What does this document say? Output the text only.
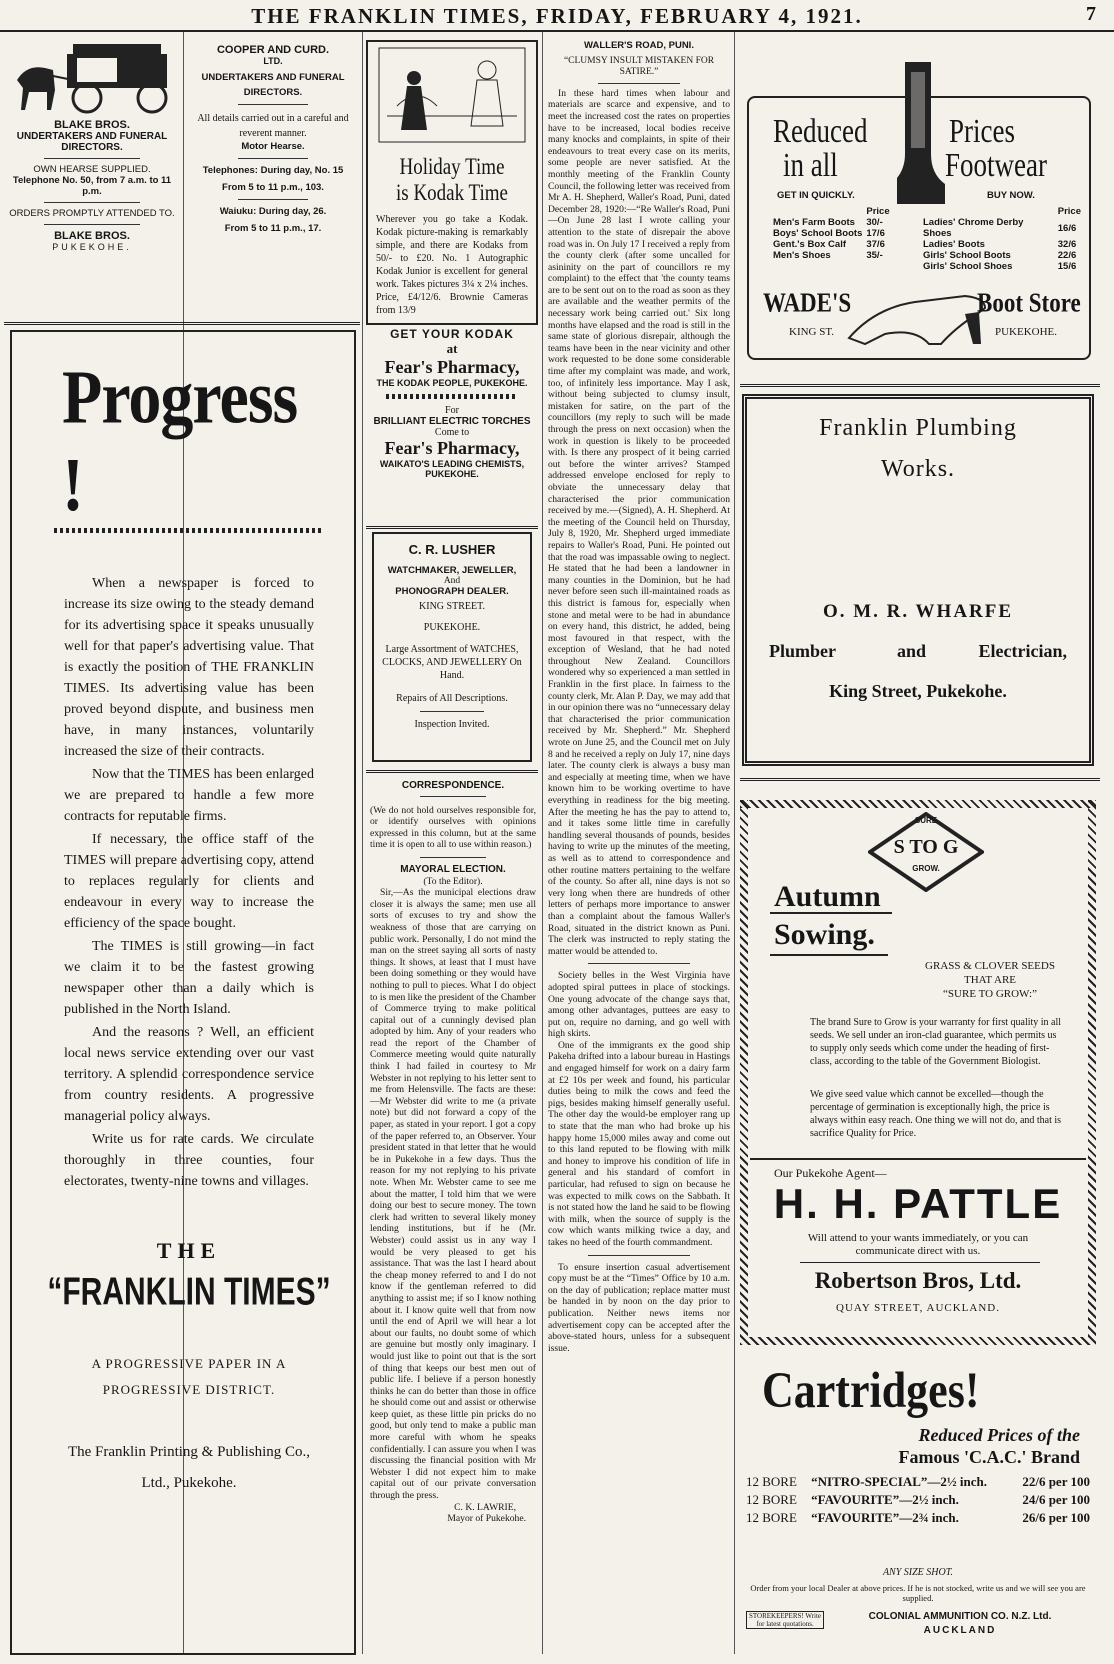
THE FRANKLIN TIMES, FRIDAY, FEBRUARY 4, 1921.	7
BLAKE BROS.
UNDERTAKERS AND FUNERAL
DIRECTORS.
OWN HEARSE SUPPLIED.
Telephone No. 50, from 7 a.m. to 11 p.m.
ORDERS PROMPTLY ATTENDED TO.
BLAKE BROS.
PUKEKOHE.
COOPER AND CURD.
LTD.
UNDERTAKERS AND FUNERAL
DIRECTORS.
All details carried out in a careful and reverent manner.
Motor Hearse.
Telephones: During day, No. 15
From 5 to 11 p.m., 103.
Waiuku: During day, 26.
From 5 to 11 p.m., 17.
Progress !

When a newspaper is forced to increase its size owing to the steady demand for its advertising space it speaks unusually well for that paper's advertising value. That is exactly the position of THE FRANKLIN TIMES. Its advertising value has been proved beyond dispute, and business men have, in many instances, voluntarily increased the size of their contracts.

Now that the TIMES has been enlarged we are prepared to handle a few more contracts for reputable firms.

If necessary, the office staff of the TIMES will prepare advertising copy, attend to replaces regularly for clients and endeavour in every way to increase the efficiency of the space bought.

The TIMES is still growing—in fact we claim it to be the fastest growing newspaper other than a daily which is published in the North Island.

And the reasons ? Well, an efficient local news service extending over our vast territory. A splendid correspondence service from country residents. A progressive managerial policy always.

Write us for rate cards. We circulate thoroughly in three counties, four electorates, twenty-nine towns and villages.

THE
“FRANKLIN TIMES”
A PROGRESSIVE PAPER IN A
PROGRESSIVE DISTRICT.
The Franklin Printing & Publishing Co.,
Ltd., Pukekohe.
Holiday Time
is Kodak Time
Wherever you go take a Kodak. Kodak picture-making is remarkably simple, and there are Kodaks from 50/- to £20. No. 1 Autographic Kodak Junior is excellent for general work. Takes pictures 3¼ x 2¼ inches. Price, £4/12/6. Brownie Cameras from 13/9
GET YOUR KODAK
at
Fear's Pharmacy,
THE KODAK PEOPLE, PUKEKOHE.
For
BRILLIANT ELECTRIC TORCHES
Come to
Fear's Pharmacy,
WAIKATO'S LEADING CHEMISTS, PUKEKOHE.
C. R. LUSHER
WATCHMAKER, JEWELLER,
And
PHONOGRAPH DEALER.
KING STREET.
PUKEKOHE.
Large Assortment of WATCHES, CLOCKS, AND JEWELLERY On Hand.
Repairs of All Descriptions.
Inspection Invited.
CORRESPONDENCE.
(We do not hold ourselves responsible for, or identify ourselves with opinions expressed in this column, but at the same time it is open to all to use within reason.)
MAYORAL ELECTION.
(To the Editor).

Sir,—As the municipal elections draw closer it is always the same; men use all sorts of excuses to try and show the weakness of those that are carrying on public work. Personally, I do not mind the man on the street saying all sorts of nasty things. It shows, at least that I must have been doing something or they would have nothing to pull to pieces. What I do object to is men like the president of the Chamber of Commerce trying to make political capital out of a cunningly devised plan adopted by him. Any of your readers who read the report of the Chamber of Commerce meeting would quite naturally think I had failed in courtesy to Mr Webster in not replying to his letter sent to me from Helensville. The facts are these:—Mr Webster did write to me (a private note) but did not forward a copy of the paper, as stated in your report. I got a copy of the paper referred to, an Observer. Your president stated in that letter that he would be in Pukekohe in a few days. Thus the reason for my not replying to his private note. When Mr. Webster came to see me about the matter, I told him that we were doing our best to secure money. The town clerk had written to several likely money lending institutions, but if he (Mr. Webster) could assist us in any way I would be very pleased to get his assistance. That was the last I heard about the cheap money referred to and I do not know if the gentleman referred to did anything to assist me; if so I know nothing about it. I know quite well that from now until the end of April we will hear a lot about our faults, no doubt some of which are genuine but mostly only imaginary. I would just like to point out that is the sort of thing that keeps our best men out of public life. I believe if a person honestly thinks he can do better than those in office he should come out and assist or otherwise keep quiet, as these little pin pricks do no good, but only tend to make a public man more careful with whom he speaks confidentially. I can assure you when I was discussing the financial position with Mr Webster I did not expect him to make capital out of our private conversation through the press.

C. K. LAWRIE,
Mayor of Pukekohe.
WALLER'S ROAD, PUNI.
“CLUMSY INSULT MISTAKEN FOR SATIRE.”

In these hard times when labour and materials are scarce and expensive, and to meet the increased cost the rates on properties have to be increased, local bodies receive many knocks and complaints, in spite of their endeavours to treat every case on its merits, some people are never satisfied. At the monthly meeting of the Franklin County Council, the following letter was received from Mr A. H. Shepherd, Waller's Road, Puni, dated December 28, 1920:—“Re Waller's Road, Puni—On June 28 last I wrote calling your attention to the state of disrepair the above road was in. On July 17 I received a reply from the county clerk (after some uncalled for asininity on the part of councillors re my complaint) to the effect that 'the county teams are to be sent out on to the road as soon as they are available and the weather permits of the necessary work being carried out.' Six long months have elapsed and the road is still in the same state of glorious disrepair, although the teams have been in the near vicinity and other work requested to be done some considerable time after my complaint was made, and work, too, of infinitely less importance. May I ask, without being subjected to clumsy insult, mistaken for satire, on the part of the councillors (my reply to such will be made through the press on next occasion) when the work in question is likely to be proceeded with. Is there any prospect of it being carried out before the winter arrives? Stamped addressed envelope enclosed for reply to obviate the unnecessary delay that characterised the prior communication received by me.—(Signed), A. H. Shepherd. At the meeting of the Council held on Thursday, July 8, 1920, Mr. Shepherd urged immediate repairs to Waller's Road, Puni. He pointed out that the road was impassable owing to neglect. He stated that he had been a landowner in many counties in the Dominion, but he had never before seen such ill-maintained roads as this district is famous for, especially when stone and metal were to be had in abundance on every hand, this district, he added, being most favoured in that respect, with the exception of Wesland, that he had noted throughout New Zealand. Councillors wondered why so experienced a man settled in Franklin in the first place. In fairness to the county clerk, Mr. Alan P. Day, we may add that in our opinion there was no “unnecessary delay that characterised the prior communication received by Mr. Shepherd.” Mr. Shepherd wrote on June 25, and the Council met on July 8 and he received a reply on July 17, nine days later. The county clerk is always a busy man and especially at meeting time, when we have known him to be working overtime to have everything in readiness for the big meeting. After the meeting he has the pay to attend to, and it takes some little time in carefully handling several thousands of pounds, besides having to write up the minutes of the meeting, as well as to attend to correspondence and other routine matters pertaining to the welfare of the county. So after all, nine days is not so very long when there are hundreds of other letters of perhaps more importance to answer than a complaint about the famous Waller's Road, situated in the district known as Puni. The clerk was instructed to reply stating the matter would be attended to.

Society belles in the West Virginia have adopted spiral puttees in place of stockings. One young advocate of the change says that, among other advantages, puttees are easy to put on, require no darning, and go well with high skirts.

One of the immigrants ex the good ship Pakeha drifted into a labour bureau in Hastings and engaged himself for work on a dairy farm at £2 10s per week and found, his particular duties being to milk the cows and feed the pigs, besides making himself generally useful. The other day the would-be employer rang up to state that the man who had broke up his happy home 15,000 miles away and come out to this land reputed to be flowing with milk and honey to improve his condition of life in general and his standard of comfort in particular, had refused to sign on because he was expected to milk cows on the Sabbath. It is not stated how the land he said to be flowing with milk, when the source of supply is the cow which wants milking twice a day, and takes no heed of the fourth commandment.

To ensure insertion casual advertisement copy must be at the “Times” Office by 10 a.m. on the day of publication; replace matter must be handed in by noon on the day prior to publication. Neither news items nor advertisement copy can be accepted after the above-stated hours, unless for a subsequent issue.

Reduced
in all
Prices
Footwear
GET IN QUICKLY.	BUY NOW.
	Price
Men's Farm Boots	30/-
Boys' School Boots	17/6
Gent.'s Box Calf	37/6
Men's Shoes	35/-
	Price
Ladies' Chrome Derby Shoes	16/6
Ladies' Boots	32/6
Girls' School Boots	22/6
Girls' School Shoes	15/6
WADE'S	Boot Store
KING ST.	PUKEKOHE.
Franklin Plumbing
Works.
O. M. R. WHARFE
Plumber	and	Electrician,
King Street, Pukekohe.
SURE
S TO G
GROW.
Autumn
Sowing.
GRASS & CLOVER SEEDS
THAT ARE
“SURE TO GROW:”
The brand Sure to Grow is your warranty for first quality in all seeds. We sell under an iron-clad guarantee, which permits us to supply only seeds which come under the heading of first-class, according to the table of the Government Biologist.
We give seed value which cannot be excelled—though the percentage of germination is exceptionally high, the price is always within easy reach. One thing we will not do, and that is sacrifice Quality for Price.
Our Pukekohe Agent—
H. H. PATTLE
Will attend to your wants immediately, or you can communicate direct with us.
Robertson Bros, Ltd.
QUAY STREET, AUCKLAND.
Cartridges!
Reduced Prices of the
Famous 'C.A.C.' Brand
12 BORE	“NITRO-SPECIAL”—2½ inch.	22/6 per 100
12 BORE	“FAVOURITE”—2½ inch.	24/6 per 100
12 BORE	“FAVOURITE”—2¾ inch.	26/6 per 100
ANY SIZE SHOT.
Order from your local Dealer at above prices. If he is not stocked, write us and we will see you are supplied.
STOREKEEPERS! Write for latest quotations.
COLONIAL AMMUNITION CO. N.Z. Ltd.
AUCKLAND
